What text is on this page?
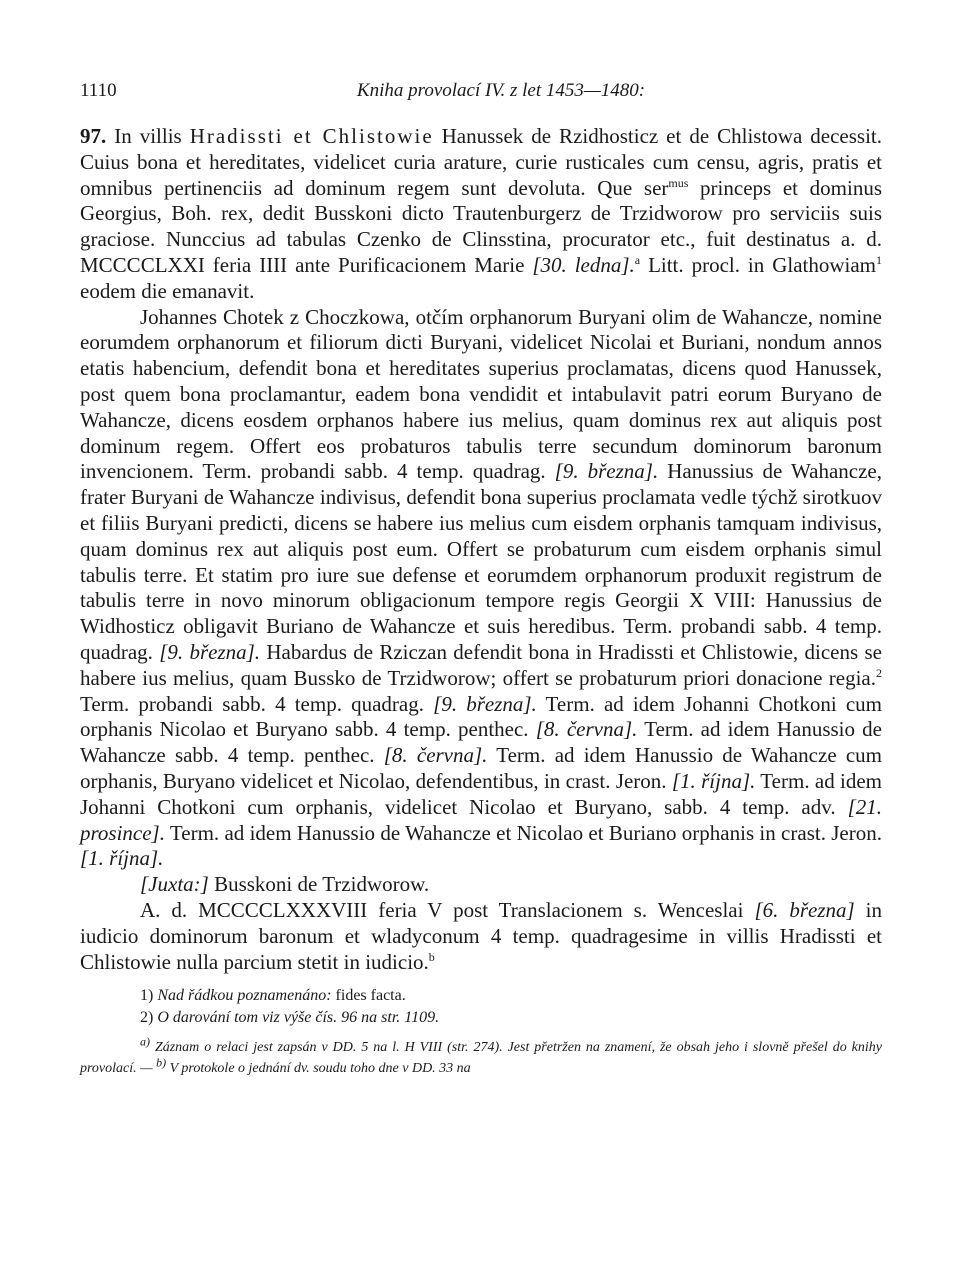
1110	Kniha provolací IV. z let 1453—1480:

97. In villis Hradissti et Chlistowie Hanussek de Rzidhosticz et de Chlistowa decessit. Cuius bona et hereditates, videlicet curia arature, curie rusticales cum censu, agris, pratis et omnibus pertinenciis ad dominum regem sunt devoluta. Que ser$^{mus}$ princeps et dominus Georgius, Boh. rex, dedit Busskoni dicto Trautenburgerz de Trzidworow pro serviciis suis graciose. Nunccius ad tabulas Czenko de Clinsstina, procurator etc., fuit destinatus a. d. MCCCCLXXI feria IIII ante Purificacionem Marie [30. ledna].$^a$ Litt. procl. in Glathowiam$^1$ eodem die emanavit.

Johannes Chotek z Choczkowa, otčím orphanorum Buryani olim de Wahancze, nomine eorumdem orphanorum et filiorum dicti Buryani, videlicet Nicolai et Buriani, nondum annos etatis habencium, defendit bona et hereditates superius proclamatas, dicens quod Hanussek, post quem bona proclamantur, eadem bona vendidit et intabulavit patri eorum Buryano de Wahancze, dicens eosdem orphanos habere ius melius, quam dominus rex aut aliquis post dominum regem. Offert eos probaturos tabulis terre secundum dominorum baronum invencionem. Term. probandi sabb. 4 temp. quadrag. [9. března]. Hanussius de Wahancze, frater Buryani de Wahancze indivisus, defendit bona superius proclamata vedle týchž sirotkuov et filiis Buryani predicti, dicens se habere ius melius cum eisdem orphanis tamquam indivisus, quam dominus rex aut aliquis post eum. Offert se probaturum cum eisdem orphanis simul tabulis terre. Et statim pro iure sue defense et eorumdem orphanorum produxit registrum de tabulis terre in novo minorum obligacionum tempore regis Georgii X VIII: Hanussius de Widhosticz obligavit Buriano de Wahancze et suis heredibus. Term. probandi sabb. 4 temp. quadrag. [9. března]. Habardus de Rziczan defendit bona in Hradissti et Chlistowie, dicens se habere ius melius, quam Bussko de Trzidworow; offert se probaturum priori donacione regia.$^2$ Term. probandi sabb. 4 temp. quadrag. [9. března]. Term. ad idem Johanni Chotkoni cum orphanis Nicolao et Buryano sabb. 4 temp. penthec. [8. června]. Term. ad idem Hanussio de Wahancze sabb. 4 temp. penthec. [8. června]. Term. ad idem Hanussio de Wahancze cum orphanis, Buryano videlicet et Nicolao, defendentibus, in crast. Jeron. [1. října]. Term. ad idem Johanni Chotkoni cum orphanis, videlicet Nicolao et Buryano, sabb. 4 temp. adv. [21. prosince]. Term. ad idem Hanussio de Wahancze et Nicolao et Buriano orphanis in crast. Jeron. [1. října].

[Juxta:] Busskoni de Trzidworow.

A. d. MCCCCLXXXVIII feria V post Translacionem s. Wenceslai [6. března] in iudicio dominorum baronum et wladyconum 4 temp. quadragesime in villis Hradissti et Chlistowie nulla parcium stetit in iudicio.$^b$

1) Nad řádkou poznamenáno: fides facta.

2) O darování tom viz výše čís. 96 na str. 1109.

$^{a)}$ Záznam o relaci jest zapsán v DD. 5 na l. H VIII (str. 274). Jest přetržen na znamení, že obsah jeho i slovně přešel do knihy provolací. — $^{b)}$ V protokole o jednání dv. soudu toho dne v DD. 33 na
